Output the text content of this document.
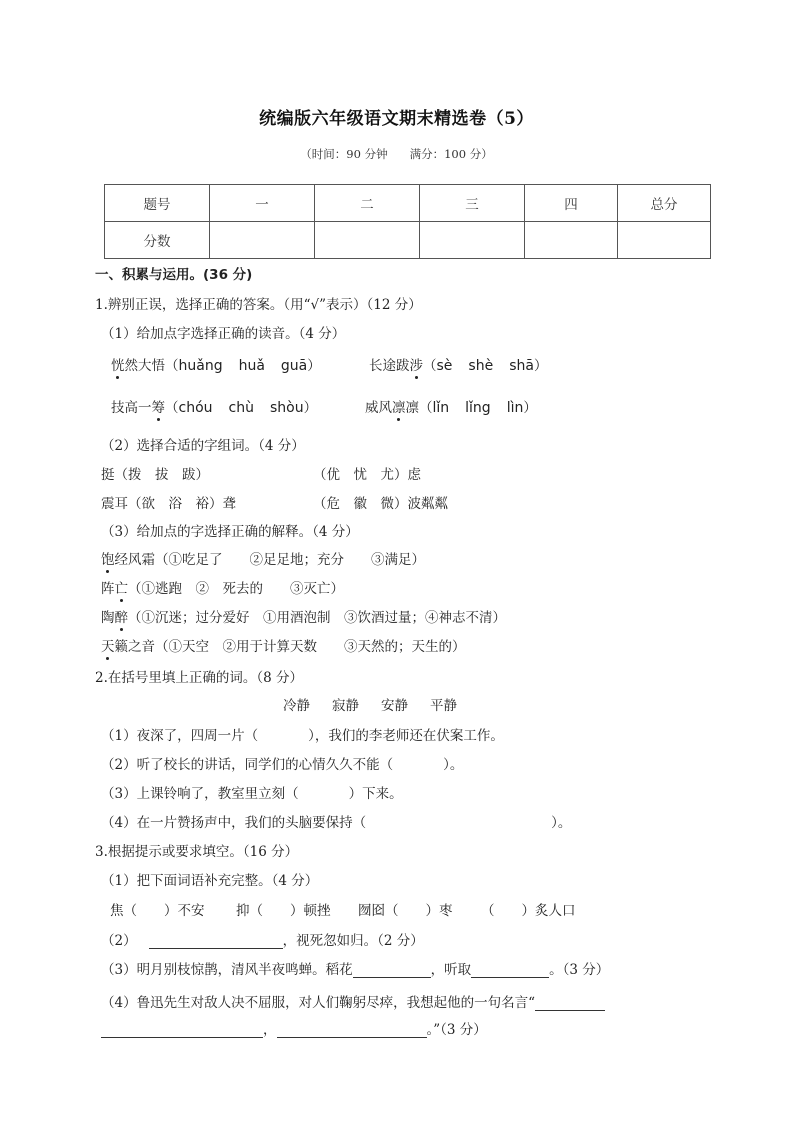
统编版六年级语文期末精选卷（5）
（时间：90 分钟 满分：100 分）
题号	一	二	三	四	总分
分数					
一、积累与运用。(36 分)
1.辨别正误，选择正确的答案。（用“√”表示）（12 分）
（1）给加点字选择正确的读音。（4 分）
恍然大悟（huǎng huǎ guā）	长途跋涉（sè shè shā）
技高一筹（chóu chù shòu）	威风凛凛（lǐn lǐng lìn）
（2）选择合适的字组词。（4 分）
挺（拨　拔　跋）	（优　忧　尤）虑
震耳（欲　浴　裕）聋	（危　徽　微）波粼粼
（3）给加点的字选择正确的解释。（4 分）
饱经风霜（①吃足了　　②足足地；充分　　③满足）
阵亡（①逃跑　②　死去的　　③灭亡）
陶醉（①沉迷；过分爱好　①用酒泡制　③饮酒过量；④神志不清）
天籁之音（①天空　②用于计算天数　　③天然的；天生的）
2.在括号里填上正确的词。（8 分）
冷静 寂静 安静 平静
（1）夜深了，四周一片（	），我们的李老师还在伏案工作。
（2）听了校长的讲话，同学们的心情久久不能（	）。
（3）上课铃响了，教室里立刻（	）下来。
（4）在一片赞扬声中，我们的头脑要保持（	）。
3.根据提示或要求填空。（16 分）
（1）把下面词语补充完整。（4 分）
焦（　　）不安 抑（　　）顿挫 囫囵（　　）枣 （　　）炙人口
（2）	，视死忽如归。（2 分）
（3）明月别枝惊鹊，清风半夜鸣蝉。稻花	，听取	。（3 分）
（4）鲁迅先生对敌人决不屈服，对人们鞠躬尽瘁，我想起他的一句名言“
，	。”（3 分）
